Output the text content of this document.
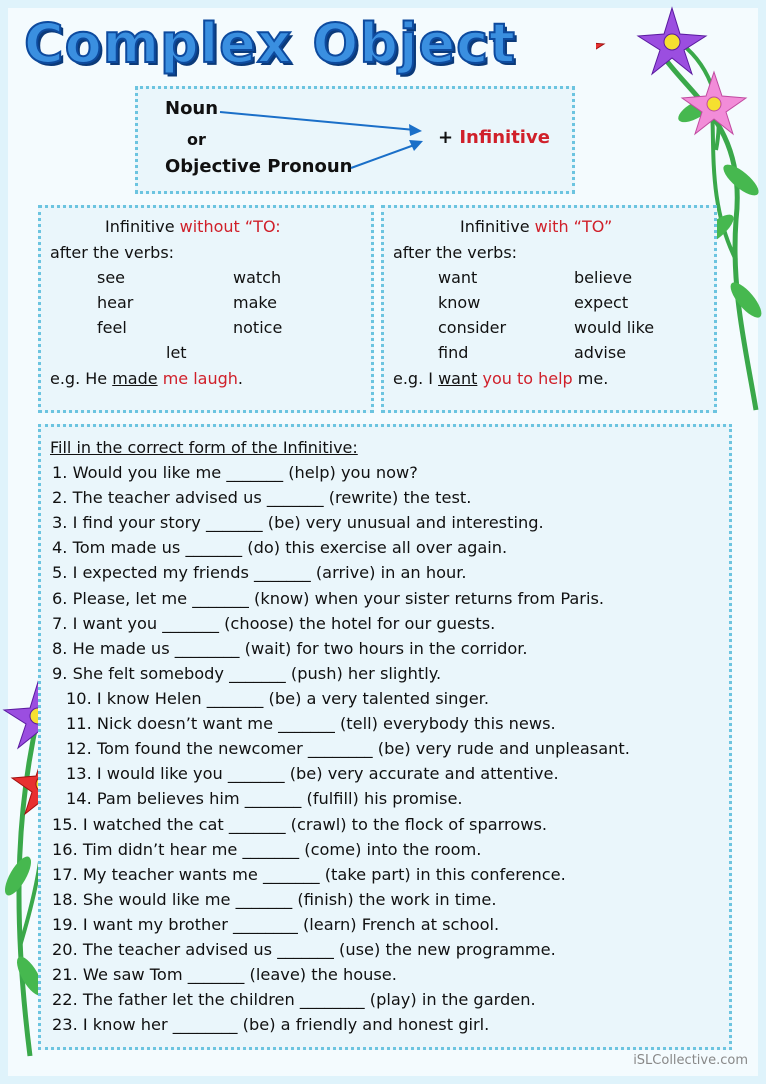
Complex Object
Noun
or
Objective Pronoun
+ Infinitive
Infinitive without “TO:
after the verbs:
see	watch
hear	make
feel	notice
let
e.g. He made me laugh.
Infinitive with “TO”
after the verbs:
want	believe
know	expect
consider	would like
find	advise
e.g. I want you to help me.
Fill in the correct form of the Infinitive:
1. Would you like me _______ (help) you now?
2. The teacher advised us _______ (rewrite) the test.
3. I find your story _______ (be) very unusual and interesting.
4. Tom made us _______ (do) this exercise all over again.
5. I expected my friends _______ (arrive) in an hour.
6. Please, let me _______ (know) when your sister returns from Paris.
7. I want you _______ (choose) the hotel for our guests.
8. He made us ________ (wait) for two hours in the corridor.
9. She felt somebody _______ (push) her slightly.
10. I know Helen _______ (be) a very talented singer.
11. Nick doesn’t want me _______ (tell) everybody this news.
12. Tom found the newcomer ________ (be) very rude and unpleasant.
13. I would like you _______ (be) very accurate and attentive.
14. Pam believes him _______ (fulfill) his promise.
15. I watched the cat _______ (crawl) to the flock of sparrows.
16. Tim didn’t hear me _______ (come) into the room.
17. My teacher wants me _______ (take part) in this conference.
18. She would like me _______ (finish) the work in time.
19. I want my brother ________ (learn) French at school.
20. The teacher advised us _______ (use) the new programme.
21. We saw Tom _______ (leave) the house.
22. The father let the children ________ (play) in the garden.
23. I know her ________ (be) a friendly and honest girl.
iSLCollective.com
